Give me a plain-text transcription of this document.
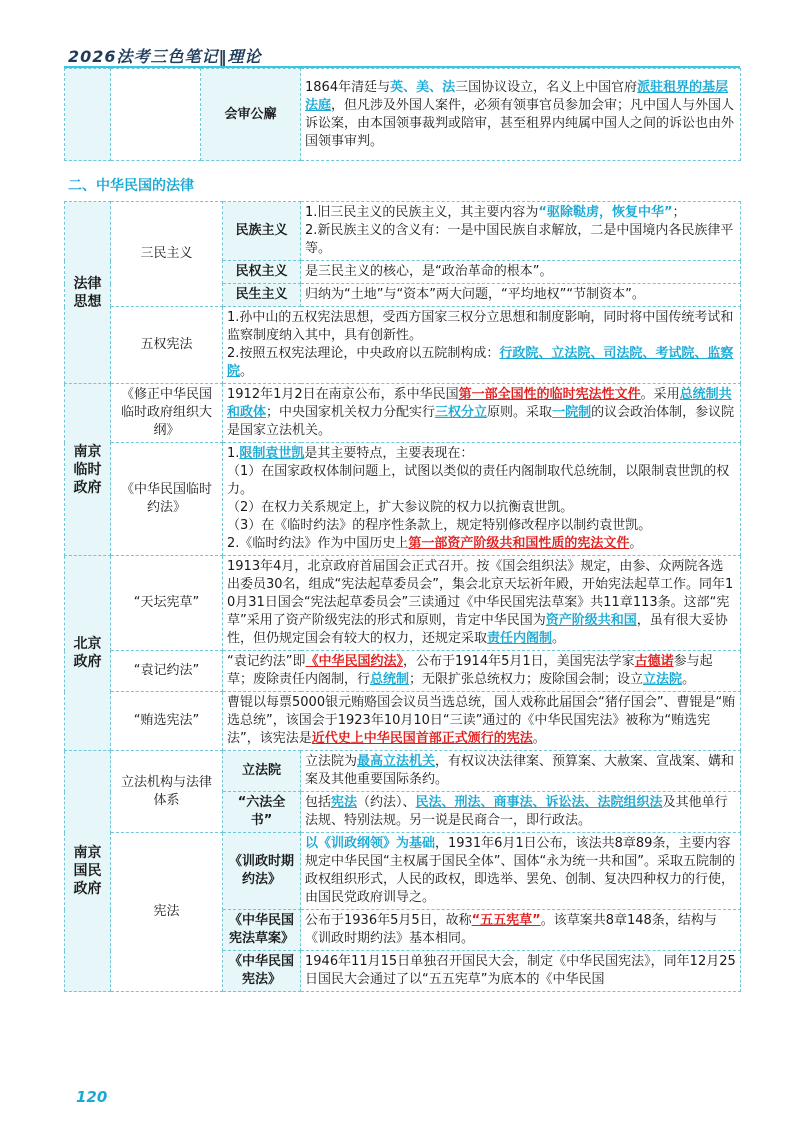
2026法考三色笔记‖理论
		会审公廨	1864年清廷与英、美、法三国协议设立，名义上中国官府派驻租界的基层法庭，但凡涉及外国人案件，必须有领事官员参加会审；凡中国人与外国人诉讼案，由本国领事裁判或陪审，甚至租界内纯属中国人之间的诉讼也由外国领事审判。
二、中华民国的法律
法律思想	三民主义	民族主义	1.旧三民主义的民族主义，其主要内容为“驱除鞑虏，恢复中华”；

2.新民族主义的含义有：一是中国民族自求解放，二是中国境内各民族律平等。

		民权主义	是三民主义的核心，是“政治革命的根本”。
		民生主义	归纳为“土地”与“资本”两大问题，“平均地权”“节制资本”。
	五权宪法	1.孙中山的五权宪法思想，受西方国家三权分立思想和制度影响，同时将中国传统考试和监察制度纳入其中，具有创新性。

2.按照五权宪法理论，中央政府以五院制构成：行政院、立法院、司法院、考试院、监察院。	

南京临时政府	《修正中华民国临时政府组织大纲》	1912年1月2日在南京公布，系中华民国第一部全国性的临时宪法性文件。采用总统制共和政体；中央国家机关权力分配实行三权分立原则。采取一院制的议会政治体制，参议院是国家立法机关。	
	《中华民国临时约法》	1.限制袁世凯是其主要特点，主要表现在：

（1）在国家政权体制问题上，试图以类似的责任内阁制取代总统制，以限制袁世凯的权力。

（2）在权力关系规定上，扩大参议院的权力以抗衡袁世凯。

（3）在《临时约法》的程序性条款上，规定特别修改程序以制约袁世凯。

2.《临时约法》作为中国历史上第一部资产阶级共和国性质的宪法文件。	

北京政府	“天坛宪草”	1913年4月，北京政府首届国会正式召开。按《国会组织法》规定，由参、众两院各选出委员30名，组成“宪法起草委员会”，集会北京天坛祈年殿，开始宪法起草工作。同年10月31日国会“宪法起草委员会”三读通过《中华民国宪法草案》共11章113条。这部“宪草”采用了资产阶级宪法的形式和原则，肯定中华民国为资产阶级共和国，虽有很大妥协性，但仍规定国会有较大的权力，还规定采取责任内阁制。	
	“袁记约法”	“袁记约法”即《中华民国约法》，公布于1914年5月1日，美国宪法学家古德诺参与起草；废除责任内阁制，行总统制；无限扩张总统权力；废除国会制；设立立法院。	
	“贿选宪法”	曹锟以每票5000银元贿赂国会议员当选总统，国人戏称此届国会“猪仔国会”、曹锟是“贿选总统”，该国会于1923年10月10日“三读”通过的《中华民国宪法》被称为“贿选宪法”，该宪法是近代史上中华民国首部正式颁行的宪法。	
南京国民政府	立法机构与法律体系	立法院	立法院为最高立法机关，有权议决法律案、预算案、大赦案、宣战案、媾和案及其他重要国际条约。
		“六法全书”	包括宪法（约法）、民法、刑法、商事法、诉讼法、法院组织法及其他单行法规、特别法规。另一说是民商合一，即行政法。
	宪法	《训政时期约法》	以《训政纲领》为基础，1931年6月1日公布，该法共8章89条，主要内容规定中华民国“主权属于国民全体”、国体“永为统一共和国”。采取五院制的政权组织形式，人民的政权，即选举、罢免、创制、复决四种权力的行使，由国民党政府训导之。
		《中华民国宪法草案》	公布于1936年5月5日，故称“五五宪草”。该草案共8章148条，结构与《训政时期约法》基本相同。
		《中华民国宪法》	1946年11月15日单独召开国民大会，制定《中华民国宪法》，同年12月25日国民大会通过了以“五五宪草”为底本的《中华民国
120
